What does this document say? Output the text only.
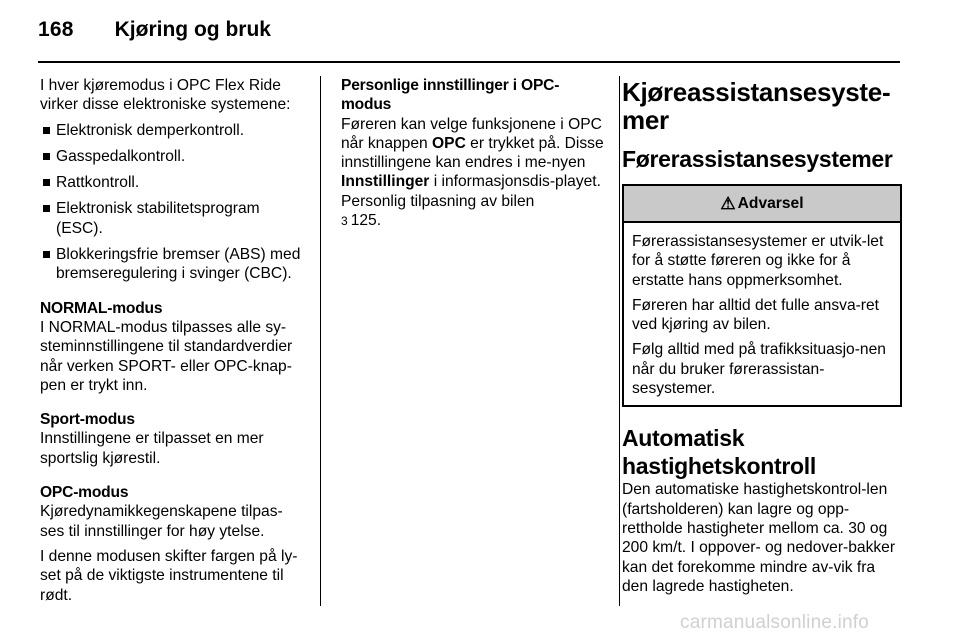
168 Kjøring og bruk

I hver kjøremodus i OPC Flex Ride virker disse elektroniske systemene:

Elektronisk demperkontroll.
Gasspedalkontroll.
Rattkontroll.
Elektronisk stabilitetsprogram (ESC).
Blokkeringsfrie bremser (ABS) med bremseregulering i svinger (CBC).

NORMAL-modus

I NORMAL-modus tilpasses alle sy-steminnstillingene til standardverdier når verken SPORT- eller OPC-knap-pen er trykt inn.

Sport-modus

Innstillingene er tilpasset en mer sportslig kjørestil.

OPC-modus

Kjøredynamikkegenskapene tilpas-ses til innstillinger for høy ytelse.

I denne modusen skifter fargen på ly-set på de viktigste instrumentene til rødt.

Personlige innstillinger i OPC-modus

Føreren kan velge funksjonene i OPC når knappen OPC er trykket på. Disse innstillingene kan endres i me-nyen Innstillinger i informasjonsdis-playet. Personlig tilpasning av bilen
3 125.

Kjøreassistansesyste-mer
Førerassistansesystemer
⚠ Advarsel

Førerassistansesystemer er utvik-let for å støtte føreren og ikke for å erstatte hans oppmerksomhet.

Føreren har alltid det fulle ansva-ret ved kjøring av bilen.

Følg alltid med på trafikksituasjo-nen når du bruker førerassistan-sesystemer.

Automatisk hastighetskontroll

Den automatiske hastighetskontrol-len (fartsholderen) kan lagre og opp-rettholde hastigheter mellom ca. 30 og 200 km/t. I oppover- og nedover-bakker kan det forekomme mindre av-vik fra den lagrede hastigheten.

carmanualsonline.info
